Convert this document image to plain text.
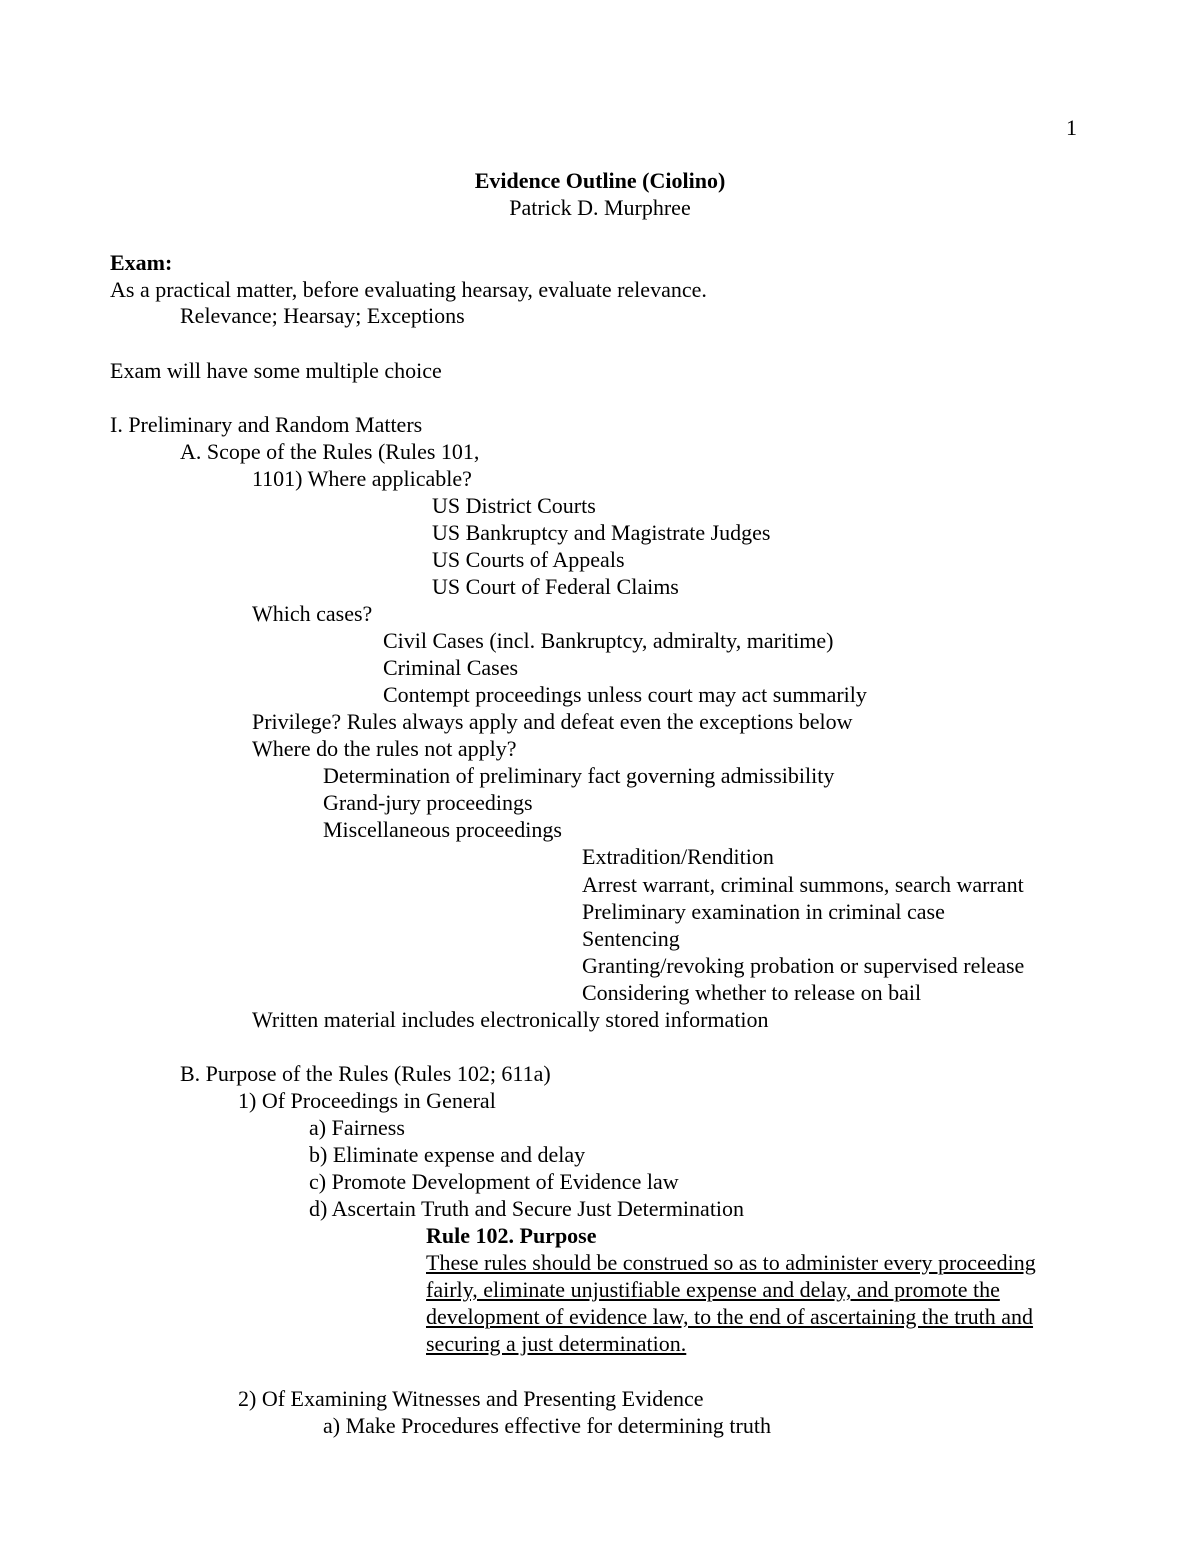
1
Evidence Outline (Ciolino)
Patrick D. Murphree
Exam:
As a practical matter, before evaluating hearsay, evaluate relevance.
Relevance; Hearsay; Exceptions
Exam will have some multiple choice
I. Preliminary and Random Matters
A. Scope of the Rules (Rules 101,
1101) Where applicable?
US District Courts
US Bankruptcy and Magistrate Judges
US Courts of Appeals
US Court of Federal Claims
Which cases?
Civil Cases (incl. Bankruptcy, admiralty, maritime)
Criminal Cases
Contempt proceedings unless court may act summarily
Privilege? Rules always apply and defeat even the exceptions below
Where do the rules not apply?
Determination of preliminary fact governing admissibility
Grand-jury proceedings
Miscellaneous proceedings
Extradition/Rendition
Arrest warrant, criminal summons, search warrant
Preliminary examination in criminal case
Sentencing
Granting/revoking probation or supervised release
Considering whether to release on bail
Written material includes electronically stored information
B. Purpose of the Rules (Rules 102; 611a)
1) Of Proceedings in General
a) Fairness
b) Eliminate expense and delay
c) Promote Development of Evidence law
d) Ascertain Truth and Secure Just Determination
Rule 102. Purpose
These rules should be construed so as to administer every proceeding
fairly, eliminate unjustifiable expense and delay, and promote the
development of evidence law, to the end of ascertaining the truth and
securing a just determination.
2) Of Examining Witnesses and Presenting Evidence
a) Make Procedures effective for determining truth
